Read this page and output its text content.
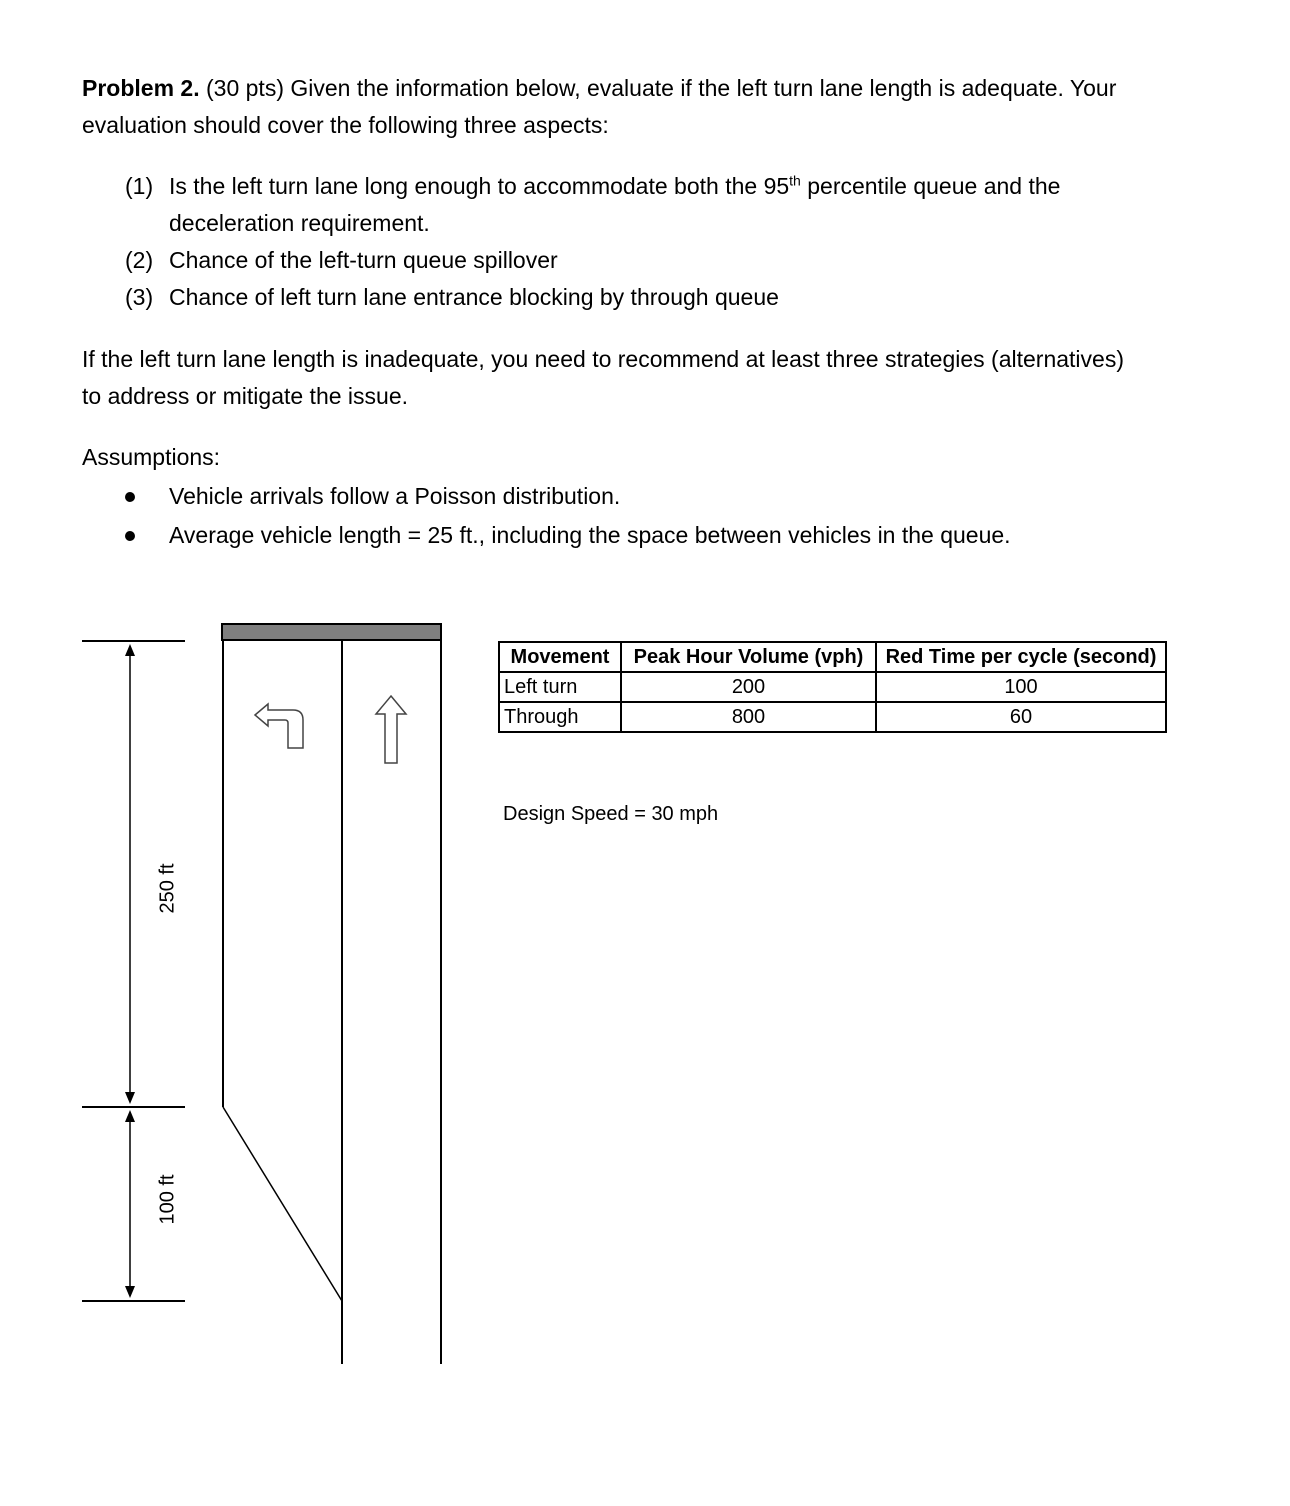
Problem 2. (30 pts) Given the information below, evaluate if the left turn lane length is adequate. Your
evaluation should cover the following three aspects:
(1) Is the left turn lane long enough to accommodate both the 95th percentile queue and the
deceleration requirement.
(2) Chance of the left-turn queue spillover
(3) Chance of left turn lane entrance blocking by through queue
If the left turn lane length is inadequate, you need to recommend at least three strategies (alternatives)
to address or mitigate the issue.
Assumptions:
Vehicle arrivals follow a Poisson distribution.
Average vehicle length = 25 ft., including the space between vehicles in the queue.
250 ft
100 ft
Movement	Peak Hour Volume (vph)	Red Time per cycle (second)
Left turn	200	100
Through	800	60
Design Speed = 30 mph
